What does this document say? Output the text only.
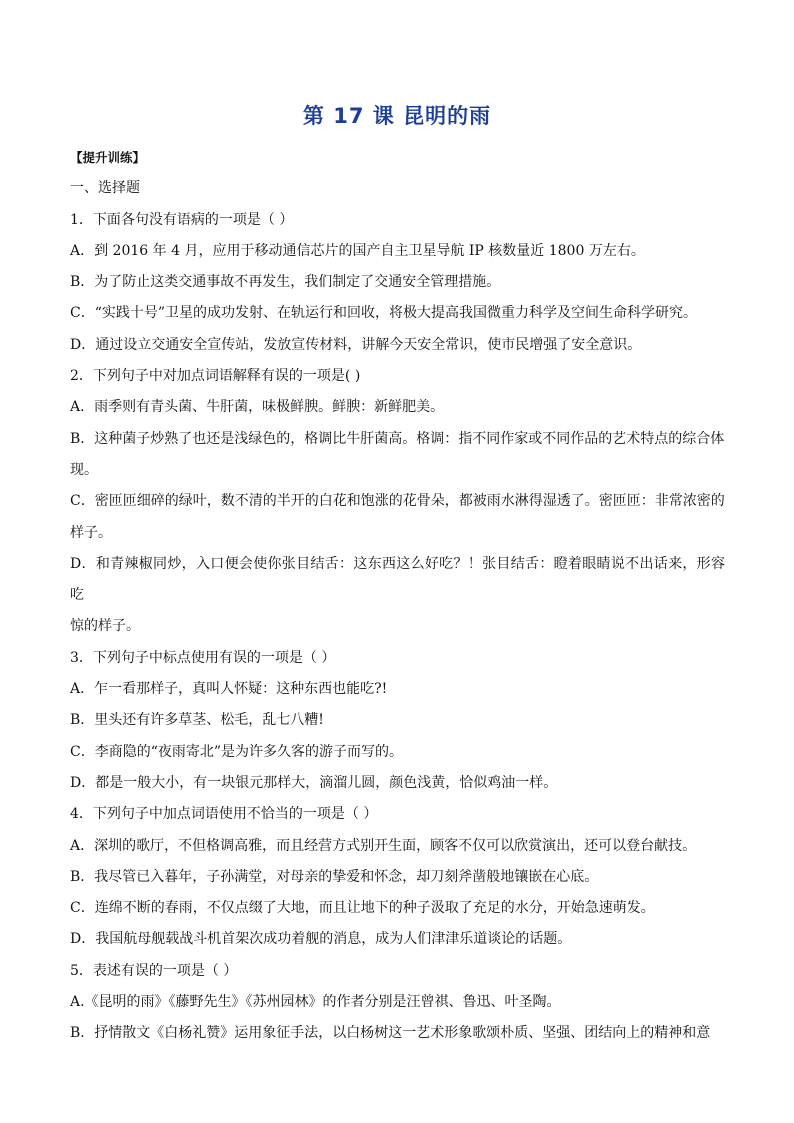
第 17 课 昆明的雨

【提升训练】

一、选择题

1．下面各句没有语病的一项是（ ）

A．到 2016 年 4 月，应用于移动通信芯片的国产自主卫星导航 IP 核数量近 1800 万左右。

B．为了防止这类交通事故不再发生，我们制定了交通安全管理措施。

C．“实践十号”卫星的成功发射、在轨运行和回收，将极大提高我国微重力科学及空间生命科学研究。

D．通过设立交通安全宣传站，发放宣传材料，讲解今天安全常识，使市民增强了安全意识。

2．下列句子中对加点词语解释有误的一项是( )

A．雨季则有青头菌、牛肝菌，味极鲜腴。鲜腴：新鲜肥美。

B．这种菌子炒熟了也还是浅绿色的，格调比牛肝菌高。格调：指不同作家或不同作品的艺术特点的综合体

现。

C．密匝匝细碎的绿叶，数不清的半开的白花和饱涨的花骨朵，都被雨水淋得湿透了。密匝匝：非常浓密的

样子。

D．和青辣椒同炒，入口便会使你张目结舌：这东西这么好吃？！张目结舌：瞪着眼睛说不出话来，形容吃

惊的样子。

3．下列句子中标点使用有误的一项是（ ）

A．乍一看那样子，真叫人怀疑：这种东西也能吃?!

B．里头还有许多草茎、松毛，乱七八糟!

C．李商隐的“夜雨寄北”是为许多久客的游子而写的。

D．都是一般大小，有一块银元那样大，滴溜儿圆，颜色浅黄，恰似鸡油一样。

4．下列句子中加点词语使用不恰当的一项是（ ）

A．深圳的歌厅，不但格调高雅，而且经营方式别开生面，顾客不仅可以欣赏演出，还可以登台献技。

B．我尽管已入暮年，子孙满堂，对母亲的挚爱和怀念，却刀刻斧凿般地镶嵌在心底。

C．连绵不断的春雨，不仅点缀了大地，而且让地下的种子汲取了充足的水分，开始急速萌发。

D．我国航母舰载战斗机首架次成功着舰的消息，成为人们津津乐道谈论的话题。

5．表述有误的一项是（ ）

A.《昆明的雨》《藤野先生》《苏州园林》的作者分别是汪曾祺、鲁迅、叶圣陶。

B．抒情散文《白杨礼赞》运用象征手法，以白杨树这一艺术形象歌颂朴质、坚强、团结向上的精神和意
